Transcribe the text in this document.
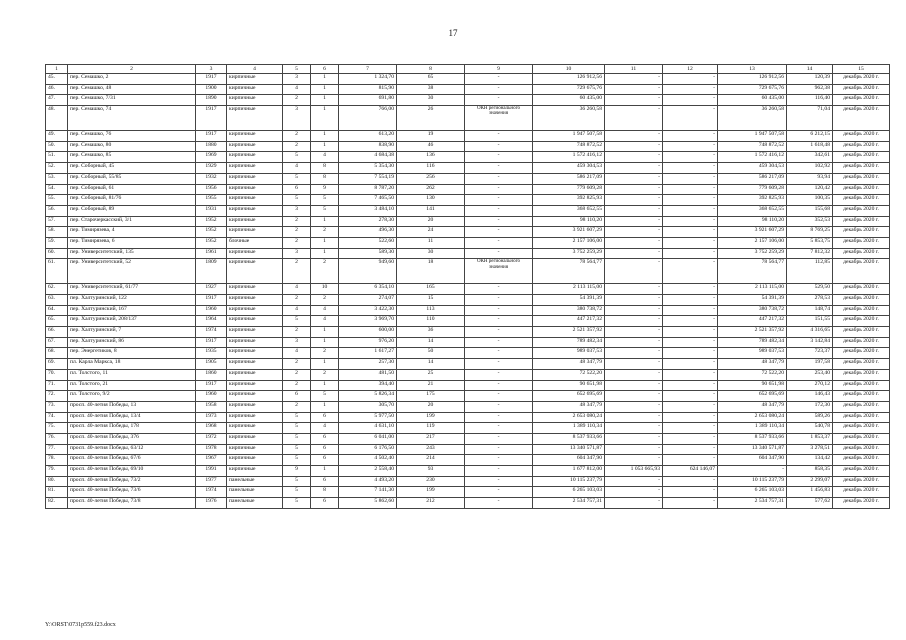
17
1	2	3	4	5	6	7	8	9	10	11	12	13	14	15
45.	пер. Семашко, 2	1917	кирпичные	3	1	1 324,70	65	-	126 912,56	-	-	126 912,56	120,39	декабрь 2020 г.
46.	пер. Семашко, 48	1900	кирпичные	4	1	815,90	38	-	729 675,76	-	-	729 675,76	962,38	декабрь 2020 г.
47.	пер. Семашко, 7/31	1890	кирпичные	2	1	691,80	30	-	60 435,00	-	-	60 435,00	116,40	декабрь 2020 г.
48.	пер. Семашко, 74	1917	кирпичные	3	1	766,00	26	ОКН регионального значения	36 260,58	-	-	36 260,58	71,04	декабрь 2020 г.
49.	пер. Семашко, 76	1917	кирпичные	2	1	613,20	19	-	1 947 507,58	-	-	1 947 507,58	6 212,15	декабрь 2020 г.
50.	пер. Семашко, 80	1880	кирпичные	2	1	838,90	46	-	748 872,52	-	-	748 872,52	1 618,48	декабрь 2020 г.
51.	пер. Семашко, 85	1969	кирпичные	5	4	4 684,38	136	-	1 572 416,12	-	-	1 572 416,12	342,61	декабрь 2020 г.
52.	пер. Соборный, 45	1929	кирпичные	4	8	5 354,30	116	-	459 304,53	-	-	459 304,53	102,92	декабрь 2020 г.
53.	пер. Соборный, 55/85	1932	кирпичные	5	8	7 554,19	256	-	586 217,09	-	-	586 217,09	93,94	декабрь 2020 г.
54.	пер. Соборный, 61	1956	кирпичные	6	9	8 787,20	262	-	779 609,28	-	-	779 609,28	120,42	декабрь 2020 г.
55.	пер. Соборный, 81/76	1955	кирпичные	5	5	7 465,50	130	-	392 825,93	-	-	392 825,93	100,35	декабрь 2020 г.
56.	пер. Соборный, 89	1931	кирпичные	3	5	3 484,10	141	-	368 652,55	-	-	368 652,55	155,68	декабрь 2020 г.
57.	пер. Старочеркасский, 3/1	1952	кирпичные	2	1	278,30	20	-	98 110,20	-	-	98 110,20	352,53	декабрь 2020 г.
58.	пер. Тимирязева, 4	1952	кирпичные	2	2	496,30	24	-	3 921 607,29	-	-	3 921 607,29	8 769,25	декабрь 2020 г.
59.	пер. Тимирязева, 6	1952	блочные	2	1	522,60	11	-	2 157 106,00	-	-	2 157 106,00	5 853,75	декабрь 2020 г.
60.	пер. Университетский, 135	1961	кирпичные	3	1	589,30	30	-	3 752 259,29	-	-	3 752 259,29	7 812,32	декабрь 2020 г.
61.	пер. Университетский, 52	1809	кирпичные	2	2	949,60	18	ОКН регионального значения	78 564,77	-	-	78 564,77	112,85	декабрь 2020 г.
62.	пер. Университетский, 61/77	1927	кирпичные	4	10	6 354,10	165	-	2 113 115,00	-	-	2 113 115,00	529,50	декабрь 2020 г.
63.	пер. Халтуринский, 122	1917	кирпичные	2	2	274,07	15	-	54 391,39	-	-	54 391,39	278,53	декабрь 2020 г.
64.	пер. Халтуринский, 167	1960	кирпичные	4	4	3 422,30	113	-	380 738,72	-	-	380 738,72	148,74	декабрь 2020 г.
65.	пер. Халтуринский, 208/137	1964	кирпичные	5	4	3 969,70	110	-	447 217,32	-	-	447 217,32	151,55	декабрь 2020 г.
66.	пер. Халтуринский, 7	1974	кирпичные	2	1	600,00	36	-	2 521 357,92	-	-	2 521 357,92	4 316,65	декабрь 2020 г.
67.	пер. Халтуринский, 86	1917	кирпичные	3	1	976,20	14	-	789 482,34	-	-	789 482,34	3 142,84	декабрь 2020 г.
68.	пер. Энергетиков, 8	1935	кирпичные	4	2	1 617,27	50	-	989 037,53	-	-	989 037,53	723,37	декабрь 2020 г.
69.	пл. Карла Маркса, 18	1905	кирпичные	2	1	257,30	14	-	48 347,79	-	-	48 347,79	197,58	декабрь 2020 г.
70.	пл. Толстого, 11	1860	кирпичные	2	2	481,50	25	-	72 522,20	-	-	72 522,20	253,40	декабрь 2020 г.
71.	пл. Толстого, 21	1917	кирпичные	2	1	394,40	21	-	90 651,98	-	-	90 651,98	270,12	декабрь 2020 г.
72.	пл. Толстого, 9/2	1960	кирпичные	6	5	5 826,34	175	-	652 695,69	-	-	652 695,69	146,43	декабрь 2020 г.
73.	просп. 40-летия Победы, 13	1958	кирпичные	2	1	305,70	20	-	48 347,79	-	-	48 347,79	172,30	декабрь 2020 г.
74.	просп. 40-летия Победы, 13/4	1973	кирпичные	5	6	5 977,50	199	-	2 653 080,24	-	-	2 653 080,24	589,26	декабрь 2020 г.
75.	просп. 40-летия Победы, 178	1968	кирпичные	5	4	4 631,10	119	-	1 389 110,34	-	-	1 389 110,34	540,78	декабрь 2020 г.
76.	просп. 40-летия Победы, 376	1972	кирпичные	5	6	6 041,00	217	-	8 537 933,66	-	-	8 537 933,66	1 853,37	декабрь 2020 г.
77.	просп. 40-летия Победы, 63/12	1978	кирпичные	5	6	6 176,50	243	-	13 340 571,87	-	-	13 340 571,87	3 278,51	декабрь 2020 г.
78.	просп. 40-летия Победы, 67/6	1967	кирпичные	5	6	4 502,40	214	-	604 347,90	-	-	604 347,90	134,42	декабрь 2020 г.
79.	просп. 40-летия Победы, 69/10	1991	кирпичные	9	1	2 558,40	93	-	1 677 812,00	1 053 665,93	624 146,07	-	858,35	декабрь 2020 г.
80.	просп. 40-летия Победы, 73/2	1977	панельные	5	6	4 493,20	230	-	10 115 237,79	-	-	10 115 237,79	2 299,07	декабрь 2020 г.
81.	просп. 40-летия Победы, 73/6	1974	панельные	5	8	7 141,30	199	-	6 265 103,03	-	-	6 265 103,03	1 456,83	декабрь 2020 г.
82.	просп. 40-летия Победы, 73/8	1976	панельные	5	6	5 862,60	212	-	2 534 757,31	-	-	2 534 757,31	577,62	декабрь 2020 г.
Y:\ORST\0731p559.f23.docx
